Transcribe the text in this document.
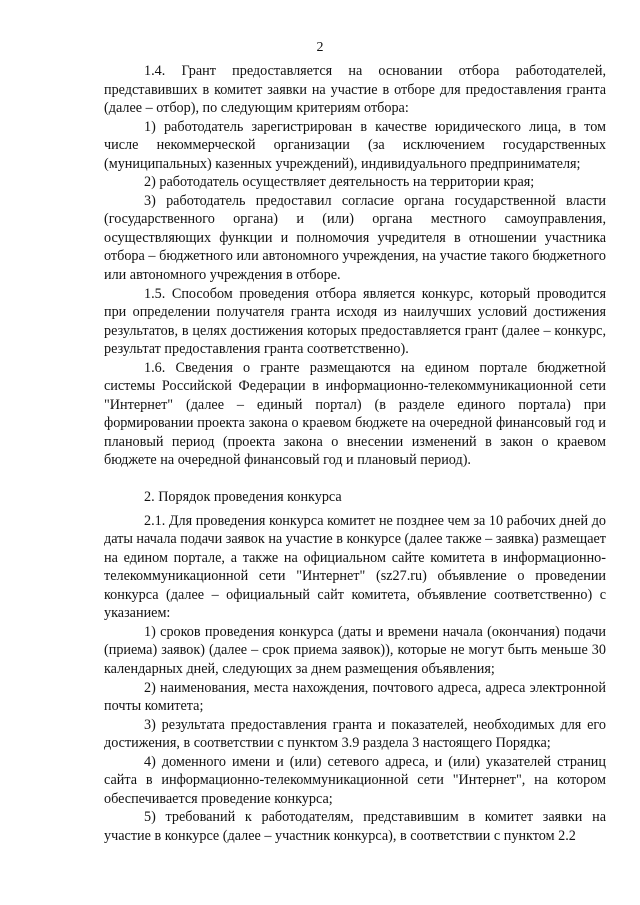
2

1.4. Грант предоставляется на основании отбора работодателей, представивших в комитет заявки на участие в отборе для предоставления гранта (далее – отбор), по следующим критериям отбора:

1) работодатель зарегистрирован в качестве юридического лица, в том числе некоммерческой организации (за исключением государственных (муниципальных) казенных учреждений), индивидуального предпринимателя;

2) работодатель осуществляет деятельность на территории края;

3) работодатель предоставил согласие органа государственной власти (государственного органа) и (или) органа местного самоуправления, осуществляющих функции и полномочия учредителя в отношении участника отбора – бюджетного или автономного учреждения, на участие такого бюджетного или автономного учреждения в отборе.

1.5. Способом проведения отбора является конкурс, который проводится при определении получателя гранта исходя из наилучших условий достижения результатов, в целях достижения которых предоставляется грант (далее – конкурс, результат предоставления гранта соответственно).

1.6. Сведения о гранте размещаются на едином портале бюджетной системы Российской Федерации в информационно-телекоммуникационной сети "Интернет" (далее – единый портал) (в разделе единого портала) при формировании проекта закона о краевом бюджете на очередной финансовый год и плановый период (проекта закона о внесении изменений в закон о краевом бюджете на очередной финансовый год и плановый период).

2. Порядок проведения конкурса

2.1. Для проведения конкурса комитет не позднее чем за 10 рабочих дней до даты начала подачи заявок на участие в конкурсе (далее также – заявка) размещает на едином портале, а также на официальном сайте комитета в информационно-телекоммуникационной сети "Интернет" (sz27.ru) объявление о проведении конкурса (далее – официальный сайт комитета, объявление соответственно) с указанием:

1) сроков проведения конкурса (даты и времени начала (окончания) подачи (приема) заявок) (далее – срок приема заявок)), которые не могут быть меньше 30 календарных дней, следующих за днем размещения объявления;

2) наименования, места нахождения, почтового адреса, адреса электронной почты комитета;

3) результата предоставления гранта и показателей, необходимых для его достижения, в соответствии с пунктом 3.9 раздела 3 настоящего Порядка;

4) доменного имени и (или) сетевого адреса, и (или) указателей страниц сайта в информационно-телекоммуникационной сети "Интернет", на котором обеспечивается проведение конкурса;

5) требований к работодателям, представившим в комитет заявки на участие в конкурсе (далее – участник конкурса), в соответствии с пунктом 2.2
